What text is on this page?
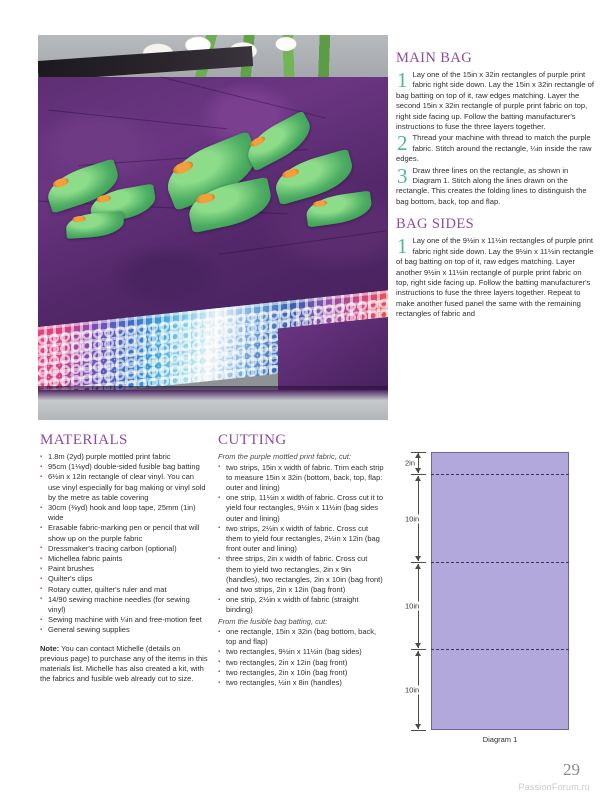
MAIN BAG
1 Lay one of the 15in x 32in rectangles of purple print fabric right side down. Lay the 15in x 32in rectangle of bag batting on top of it, raw edges matching. Layer the second 15in x 32in rectangle of purple print fabric on top, right side facing up. Follow the batting manufacturer's instructions to fuse the three layers together.
2 Thread your machine with thread to match the purple fabric. Stitch around the rectangle, ¼in inside the raw edges.
3 Draw three lines on the rectangle, as shown in Diagram 1. Stitch along the lines drawn on the rectangle. This creates the folding lines to distinguish the bag bottom, back, top and flap.
BAG SIDES
1 Lay one of the 9½in x 11½in rectangles of purple print fabric right side down. Lay the 9½in x 11½in rectangle of bag batting on top of it, raw edges matching. Layer another 9½in x 11½in rectangle of purple print fabric on top, right side facing up. Follow the batting manufacturer's instructions to fuse the three layers together. Repeat to make another fused panel the same with the remaining rectangles of fabric and
MATERIALS
▪ 1.8m (2yd) purple mottled print fabric
▪ 95cm (1⅛yd) double-sided fusible bag batting
▪ 6½in x 12in rectangle of clear vinyl. You can use vinyl especially for bag making or vinyl sold by the metre as table covering
▪ 30cm (⅜yd) hook and loop tape, 25mm (1in) wide
▪ Erasable fabric-marking pen or pencil that will show up on the purple fabric
▪ Dressmaker's tracing carbon (optional)
▪ Michellea fabric paints
▪ Paint brushes
▪ Quilter's clips
▪ Rotary cutter, quilter's ruler and mat
▪ 14/90 sewing machine needles (for sewing vinyl)
▪ Sewing machine with ¼in and free-motion feet
▪ General sewing supplies
Note: You can contact Michelle (details on previous page) to purchase any of the items in this materials list. Michelle has also created a kit, with the fabrics and fusible web already cut to size.
CUTTING
From the purple mottled print fabric, cut:
▪ two strips, 15in x width of fabric. Trim each strip to measure 15in x 32in (bottom, back, top, flap: outer and lining)
▪ one strip, 11½in x width of fabric. Cross cut it to yield four rectangles, 9½in x 11½in (bag sides outer and lining)
▪ two strips, 2½in x width of fabric. Cross cut them to yield four rectangles, 2½in x 12in (bag front outer and lining)
▪ three strips, 2in x width of fabric. Cross cut them to yield two rectangles, 2in x 9in (handles), two rectangles, 2in x 10in (bag front) and two strips, 2in x 12in (bag front)
▪ one strip, 2½in x width of fabric (straight binding)
From the fusible bag batting, cut:
▪ one rectangle, 15in x 32in (bag bottom, back, top and flap)
▪ two rectangles, 9½in x 11½in (bag sides)
▪ two rectangles, 2in x 12in (bag front)
▪ two rectangles, 2in x 10in (bag front)
▪ two rectangles, ½in x 8in (handles)
2in
10in
10in
10in
Diagram 1
29
PassionForum.ru
